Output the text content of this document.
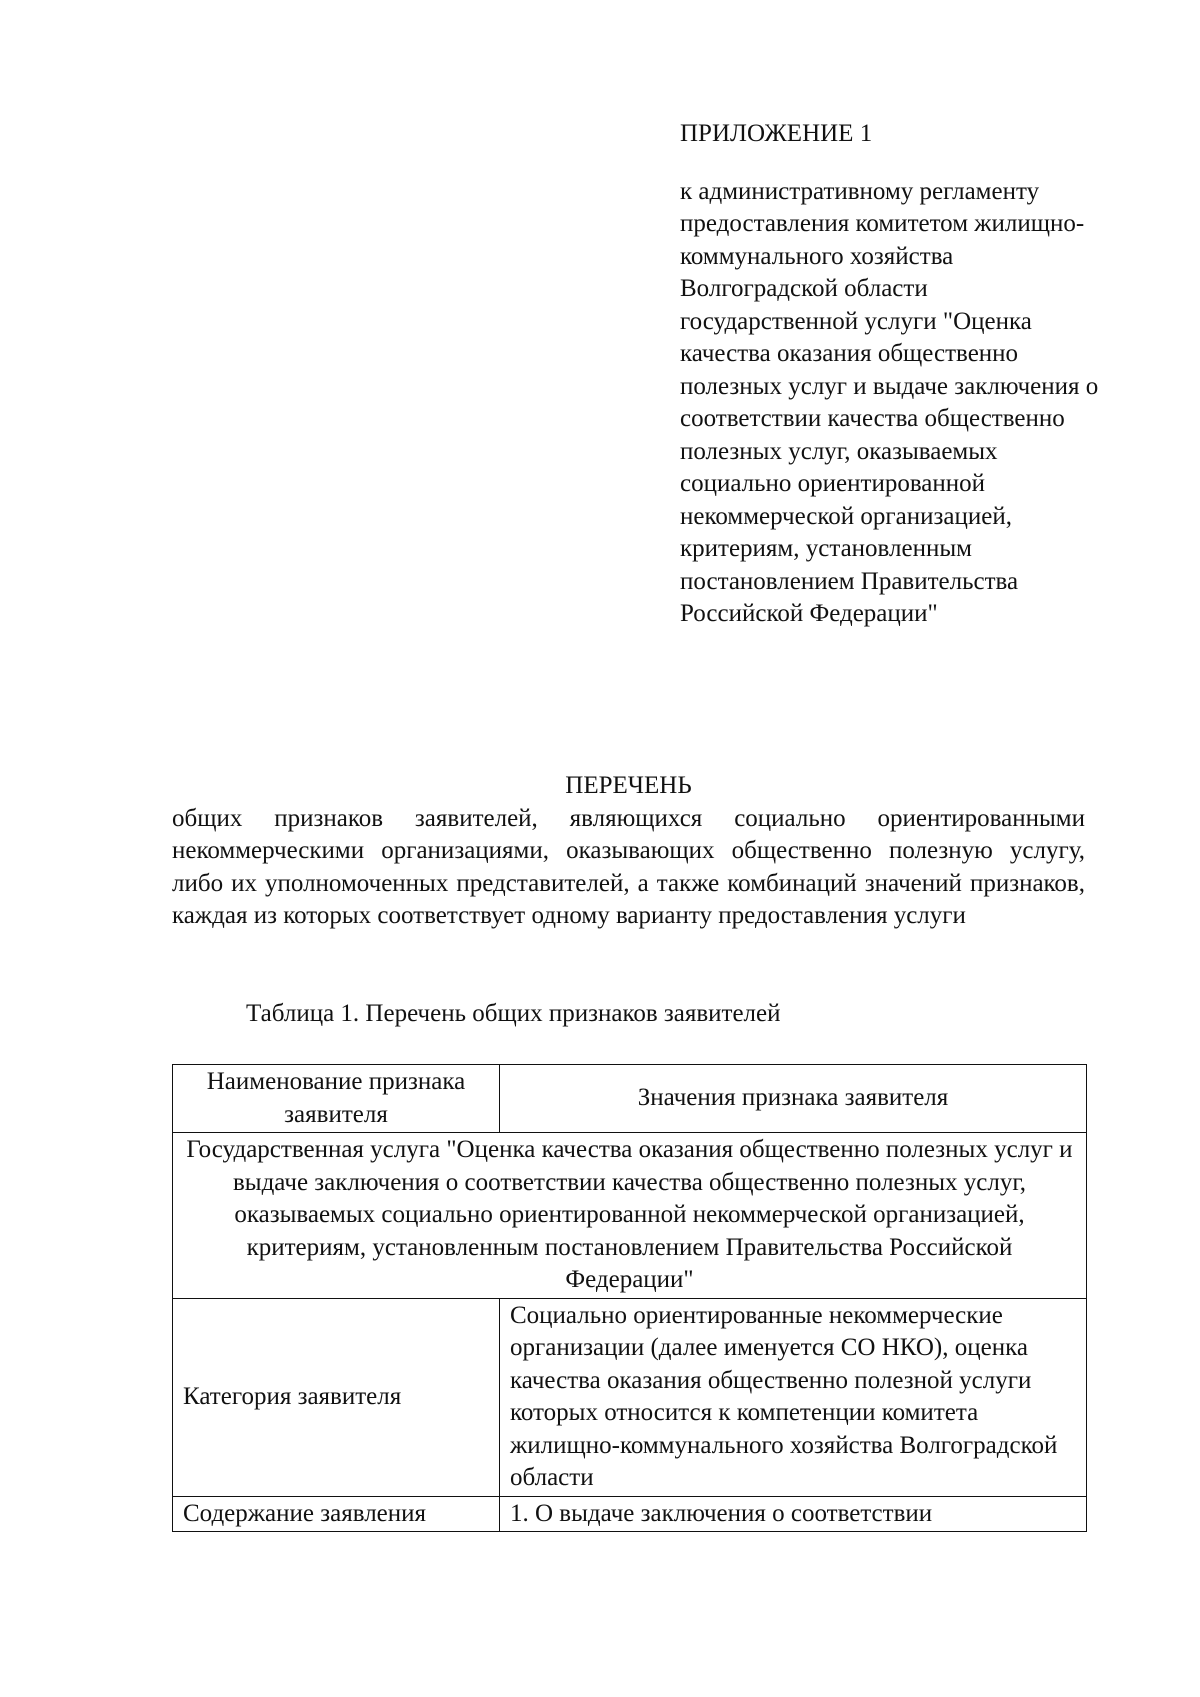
ПРИЛОЖЕНИЕ 1

к административному регламенту предоставления комитетом жилищно-коммунального хозяйства Волгоградской области государственной услуги "Оценка качества оказания общественно полезных услуг и выдаче заключения о соответствии качества общественно полезных услуг, оказываемых социально ориентированной некоммерческой организацией, критериям, установленным постановлением Правительства Российской Федерации"

ПЕРЕЧЕНЬ

общих признаков заявителей, являющихся социально ориентированными некоммерческими организациями, оказывающих общественно полезную услугу, либо их уполномоченных представителей, а также комбинаций значений признаков, каждая из которых соответствует одному варианту предоставления услуги

Таблица 1. Перечень общих признаков заявителей

Наименование признака заявителя	Значения признака заявителя
Государственная услуга "Оценка качества оказания общественно полезных услуг и выдаче заключения о соответствии качества общественно полезных услуг, оказываемых социально ориентированной некоммерческой организацией, критериям, установленным постановлением Правительства Российской Федерации"	
Категория заявителя	Социально ориентированные некоммерческие организации (далее именуется СО НКО), оценка качества оказания общественно полезной услуги которых относится к компетенции комитета жилищно-коммунального хозяйства Волгоградской области
Содержание заявления	1. О выдаче заключения о соответствии
